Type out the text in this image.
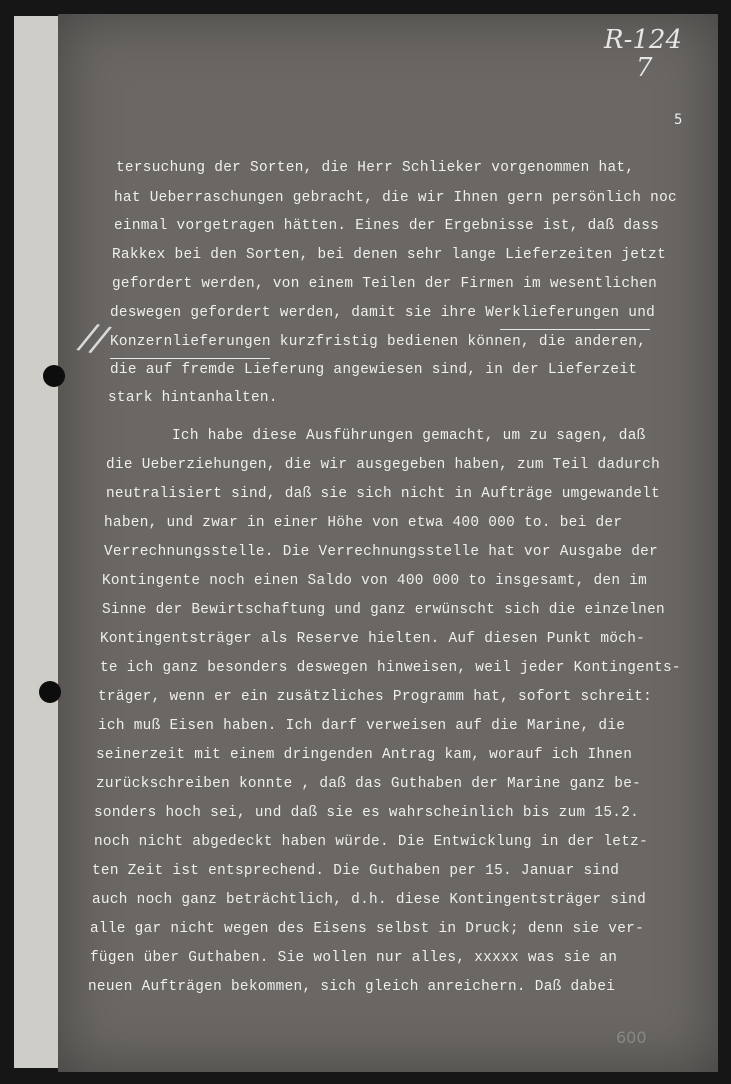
R-124
7
5
//
tersuchung der Sorten, die Herr Schlieker vorgenommen hat,
hat Ueberraschungen gebracht, die wir Ihnen gern persönlich noc
einmal vorgetragen hätten. Eines der Ergebnisse ist, daß dass
Rakkex bei den Sorten, bei denen sehr lange Lieferzeiten jetzt
gefordert werden, von einem Teilen der Firmen im wesentlichen
deswegen gefordert werden, damit sie ihre Werklieferungen und
Konzernlieferungen kurzfristig bedienen können, die anderen,
die auf fremde Lieferung angewiesen sind, in der Lieferzeit
stark hintanhalten.
Ich habe diese Ausführungen gemacht, um zu sagen, daß
die Ueberziehungen, die wir ausgegeben haben, zum Teil dadurch
neutralisiert sind, daß sie sich nicht in Aufträge umgewandelt
haben, und zwar in einer Höhe von etwa 400 000 to. bei der
Verrechnungsstelle. Die Verrechnungsstelle hat vor Ausgabe der
Kontingente noch einen Saldo von 400 000 to insgesamt, den im
Sinne der Bewirtschaftung und ganz erwünscht sich die einzelnen
Kontingentsträger als Reserve hielten. Auf diesen Punkt möch-
te ich ganz besonders deswegen hinweisen, weil jeder Kontingents-
träger, wenn er ein zusätzliches Programm hat, sofort schreit:
ich muß Eisen haben. Ich darf verweisen auf die Marine, die
seinerzeit mit einem dringenden Antrag kam, worauf ich Ihnen
zurückschreiben konnte , daß das Guthaben der Marine ganz be-
sonders hoch sei, und daß sie es wahrscheinlich bis zum 15.2.
noch nicht abgedeckt haben würde. Die Entwicklung in der letz-
ten Zeit ist entsprechend. Die Guthaben per 15. Januar sind
auch noch ganz beträchtlich, d.h. diese Kontingentsträger sind
alle gar nicht wegen des Eisens selbst in Druck; denn sie ver-
fügen über Guthaben. Sie wollen nur alles, xxxxx was sie an
neuen Aufträgen bekommen, sich gleich anreichern. Daß dabei
600
